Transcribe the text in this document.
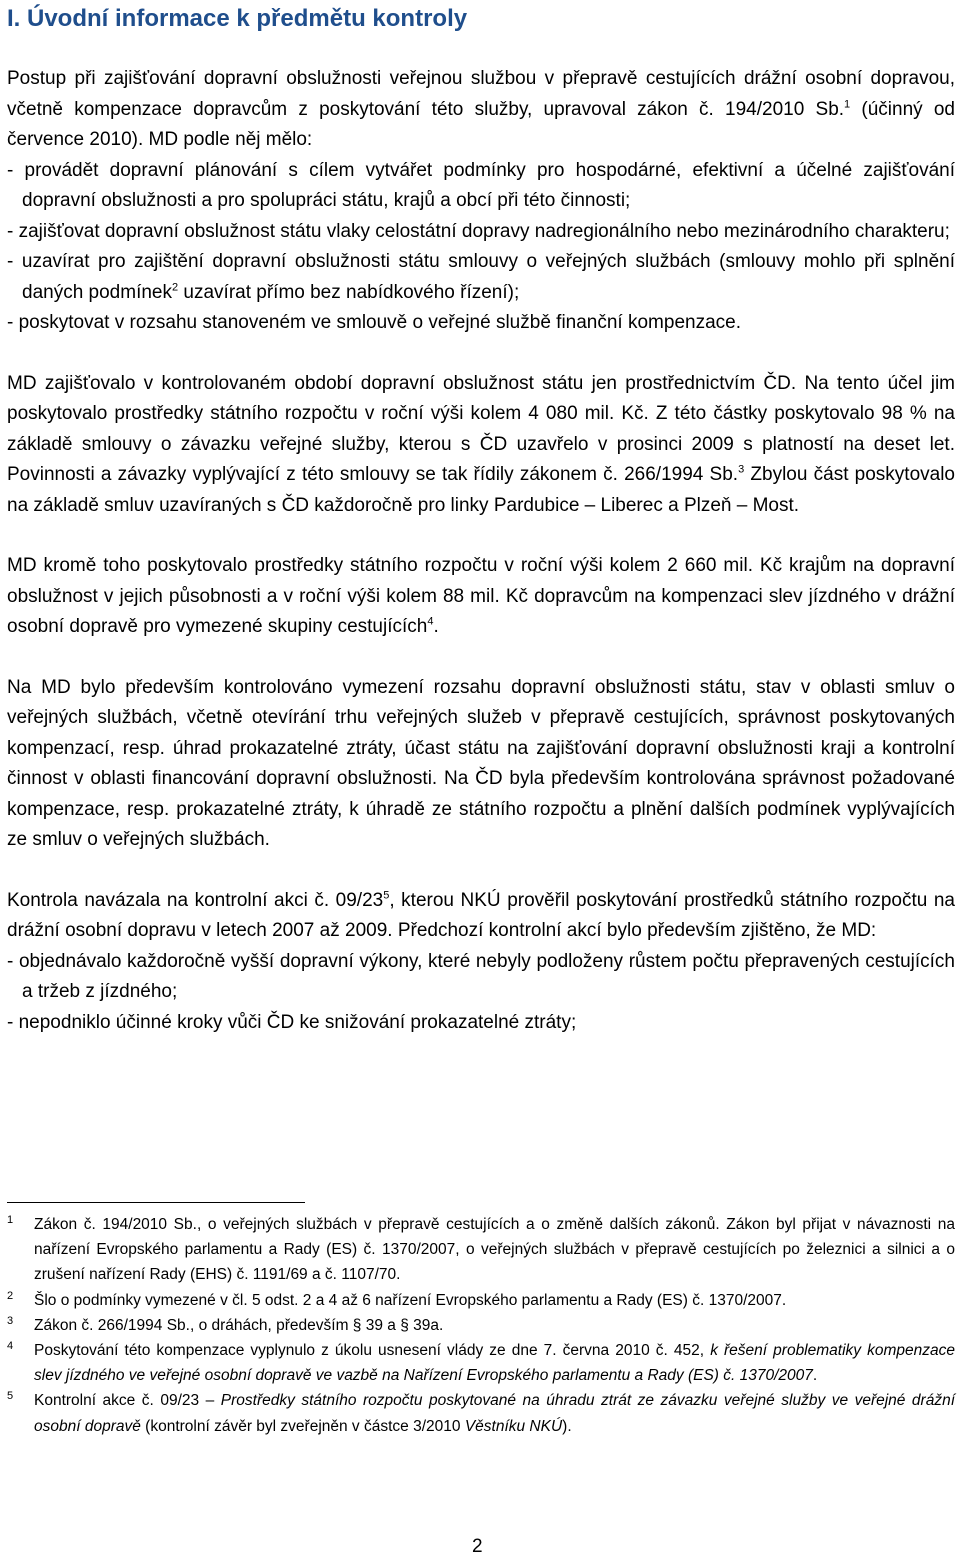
I. Úvodní informace k předmětu kontroly

Postup při zajišťování dopravní obslužnosti veřejnou službou v přepravě cestujících drážní osobní dopravou, včetně kompenzace dopravcům z poskytování této služby, upravoval zákon č. 194/2010 Sb.$^1$ (účinný od července 2010). MD podle něj mělo:

- provádět dopravní plánování s cílem vytvářet podmínky pro hospodárné, efektivní a účelné zajišťování dopravní obslužnosti a pro spolupráci státu, krajů a obcí při této činnosti;
- zajišťovat dopravní obslužnost státu vlaky celostátní dopravy nadregionálního nebo mezinárodního charakteru;
- uzavírat pro zajištění dopravní obslužnosti státu smlouvy o veřejných službách (smlouvy mohlo při splnění daných podmínek$^2$ uzavírat přímo bez nabídkového řízení);
- poskytovat v rozsahu stanoveném ve smlouvě o veřejné službě finanční kompenzace.

MD zajišťovalo v kontrolovaném období dopravní obslužnost státu jen prostřednictvím ČD. Na tento účel jim poskytovalo prostředky státního rozpočtu v roční výši kolem 4 080 mil. Kč. Z této částky poskytovalo 98 % na základě smlouvy o závazku veřejné služby, kterou s ČD uzavřelo v prosinci 2009 s platností na deset let. Povinnosti a závazky vyplývající z této smlouvy se tak řídily zákonem č. 266/1994 Sb.$^3$ Zbylou část poskytovalo na základě smluv uzavíraných s ČD každoročně pro linky Pardubice – Liberec a Plzeň – Most.

MD kromě toho poskytovalo prostředky státního rozpočtu v roční výši kolem 2 660 mil. Kč krajům na dopravní obslužnost v jejich působnosti a v roční výši kolem 88 mil. Kč dopravcům na kompenzaci slev jízdného v drážní osobní dopravě pro vymezené skupiny cestujících$^4$.

Na MD bylo především kontrolováno vymezení rozsahu dopravní obslužnosti státu, stav v oblasti smluv o veřejných službách, včetně otevírání trhu veřejných služeb v přepravě cestujících, správnost poskytovaných kompenzací, resp. úhrad prokazatelné ztráty, účast státu na zajišťování dopravní obslužnosti kraji a kontrolní činnost v oblasti financování dopravní obslužnosti. Na ČD byla především kontrolována správnost požadované kompenzace, resp. prokazatelné ztráty, k úhradě ze státního rozpočtu a plnění dalších podmínek vyplývajících ze smluv o veřejných službách.

Kontrola navázala na kontrolní akci č. $09/23^5$, kterou NKÚ prověřil poskytování prostředků státního rozpočtu na drážní osobní dopravu v letech 2007 až 2009. Předchozí kontrolní akcí bylo především zjištěno, že MD:

- objednávalo každoročně vyšší dopravní výkony, které nebyly podloženy růstem počtu přepravených cestujících a tržeb z jízdného;
- nepodniklo účinné kroky vůči ČD ke snižování prokazatelné ztráty;
1 Zákon č. 194/2010 Sb., o veřejných službách v přepravě cestujících a o změně dalších zákonů. Zákon byl přijat v návaznosti na nařízení Evropského parlamentu a Rady (ES) č. 1370/2007, o veřejných službách v přepravě cestujících po železnici a silnici a o zrušení nařízení Rady (EHS) č. 1191/69 a č. 1107/70.
2 Šlo o podmínky vymezené v čl. 5 odst. 2 a 4 až 6 nařízení Evropského parlamentu a Rady (ES) č. 1370/2007.
3 Zákon č. 266/1994 Sb., o dráhách, především § 39 a § 39a.
4 Poskytování této kompenzace vyplynulo z úkolu usnesení vlády ze dne 7. června 2010 č. 452, k řešení problematiky kompenzace slev jízdného ve veřejné osobní dopravě ve vazbě na Nařízení Evropského parlamentu a Rady (ES) č. 1370/2007.
5 Kontrolní akce č. 09/23 – Prostředky státního rozpočtu poskytované na úhradu ztrát ze závazku veřejné služby ve veřejné drážní osobní dopravě (kontrolní závěr byl zveřejněn v částce 3/2010 Věstníku NKÚ).
2
